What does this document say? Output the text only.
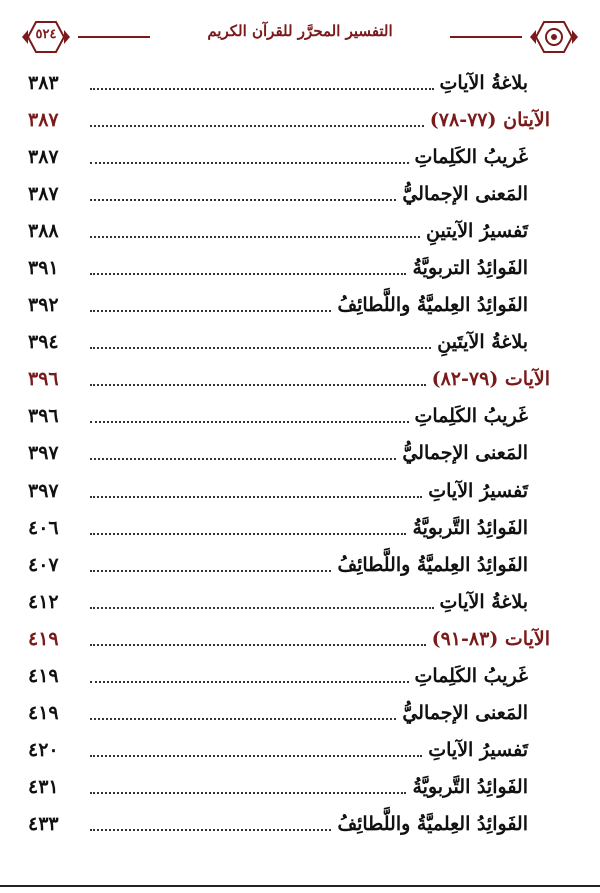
٥٢٤	التفسير المحرَّر للقرآن الكريم
بلاغةُ الآياتِ
٣٨٣
الآيتان (٧٧-٧٨)
٣٨٧
غَريبُ الكَلِماتِ
٣٨٧
المَعنى الإجماليُّ
٣٨٧
تَفسيرُ الآيتينِ
٣٨٨
الفَوائِدُ التربويَّةُ
٣٩١
الفَوائِدُ العِلميَّةُ واللَّطائِفُ
٣٩٢
بلاغةُ الآيتَينِ
٣٩٤
الآيات (٧٩-٨٢)
٣٩٦
غَريبُ الكَلِماتِ
٣٩٦
المَعنى الإجماليُّ
٣٩٧
تَفسيرُ الآياتِ
٣٩٧
الفَوائِدُ التَّربويَّةُ
٤٠٦
الفَوائِدُ العِلميَّةُ واللَّطائِفُ
٤٠٧
بلاغةُ الآياتِ
٤١٢
الآيات (٨٣-٩١)
٤١٩
غَريبُ الكَلِماتِ
٤١٩
المَعنى الإجماليُّ
٤١٩
تَفسيرُ الآياتِ
٤٢٠
الفَوائِدُ التَّربويَّةُ
٤٣١
الفَوائِدُ العِلميَّةُ واللَّطائِفُ
٤٣٣
